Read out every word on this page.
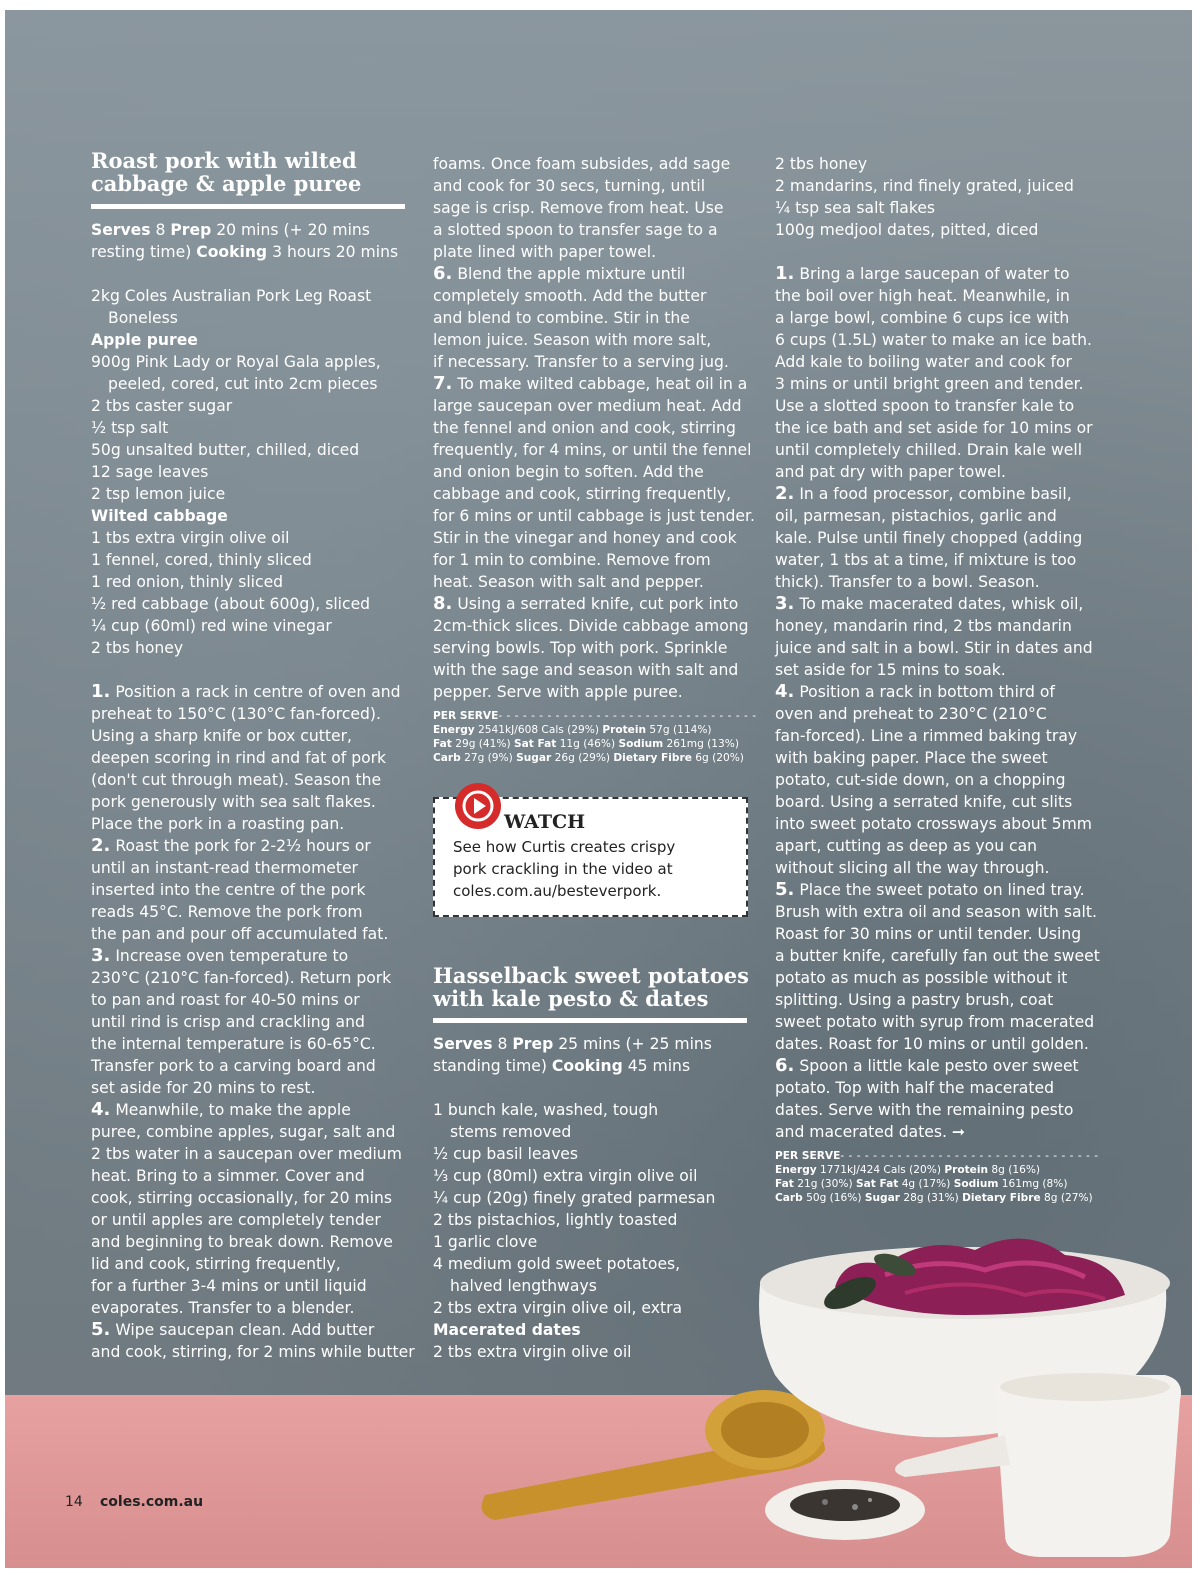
Roast pork with wilted
cabbage & apple puree
Serves 8 Prep 20 mins (+ 20 mins
resting time) Cooking 3 hours 20 mins
2kg Coles Australian Pork Leg Roast
Boneless
Apple puree
900g Pink Lady or Royal Gala apples,
peeled, cored, cut into 2cm pieces
2 tbs caster sugar
½ tsp salt
50g unsalted butter, chilled, diced
12 sage leaves
2 tsp lemon juice
Wilted cabbage
1 tbs extra virgin olive oil
1 fennel, cored, thinly sliced
1 red onion, thinly sliced
½ red cabbage (about 600g), sliced
¼ cup (60ml) red wine vinegar
2 tbs honey
1. Position a rack in centre of oven and
preheat to 150°C (130°C fan-forced).
Using a sharp knife or box cutter,
deepen scoring in rind and fat of pork
(don't cut through meat). Season the
pork generously with sea salt flakes.
Place the pork in a roasting pan.
2. Roast the pork for 2-2½ hours or
until an instant-read thermometer
inserted into the centre of the pork
reads 45°C. Remove the pork from
the pan and pour off accumulated fat.
3. Increase oven temperature to
230°C (210°C fan-forced). Return pork
to pan and roast for 40-50 mins or
until rind is crisp and crackling and
the internal temperature is 60-65°C.
Transfer pork to a carving board and
set aside for 20 mins to rest.
4. Meanwhile, to make the apple
puree, combine apples, sugar, salt and
2 tbs water in a saucepan over medium
heat. Bring to a simmer. Cover and
cook, stirring occasionally, for 20 mins
or until apples are completely tender
and beginning to break down. Remove
lid and cook, stirring frequently,
for a further 3-4 mins or until liquid
evaporates. Transfer to a blender.
5. Wipe saucepan clean. Add butter
and cook, stirring, for 2 mins while butter
foams. Once foam subsides, add sage
and cook for 30 secs, turning, until
sage is crisp. Remove from heat. Use
a slotted spoon to transfer sage to a
plate lined with paper towel.
6. Blend the apple mixture until
completely smooth. Add the butter
and blend to combine. Stir in the
lemon juice. Season with more salt,
if necessary. Transfer to a serving jug.
7. To make wilted cabbage, heat oil in a
large saucepan over medium heat. Add
the fennel and onion and cook, stirring
frequently, for 4 mins, or until the fennel
and onion begin to soften. Add the
cabbage and cook, stirring frequently,
for 6 mins or until cabbage is just tender.
Stir in the vinegar and honey and cook
for 1 min to combine. Remove from
heat. Season with salt and pepper.
8. Using a serrated knife, cut pork into
2cm-thick slices. Divide cabbage among
serving bowls. Top with pork. Sprinkle
with the sage and season with salt and
pepper. Serve with apple puree.
PER SERVE- - - - - - - - - - - - - - - - - - - - - - - - - - - - - - - -
Energy 2541kJ/608 Cals (29%) Protein 57g (114%)
Fat 29g (41%) Sat Fat 11g (46%) Sodium 261mg (13%)
Carb 27g (9%) Sugar 26g (29%) Dietary Fibre 6g (20%)
Hasselback sweet potatoes
with kale pesto & dates
Serves 8 Prep 25 mins (+ 25 mins
standing time) Cooking 45 mins
1 bunch kale, washed, tough
stems removed
½ cup basil leaves
⅓ cup (80ml) extra virgin olive oil
¼ cup (20g) finely grated parmesan
2 tbs pistachios, lightly toasted
1 garlic clove
4 medium gold sweet potatoes,
halved lengthways
2 tbs extra virgin olive oil, extra
Macerated dates
2 tbs extra virgin olive oil
WATCH
See how Curtis creates crispy
pork crackling in the video at
coles.com.au/besteverpork.
2 tbs honey
2 mandarins, rind finely grated, juiced
¼ tsp sea salt flakes
100g medjool dates, pitted, diced
1. Bring a large saucepan of water to
the boil over high heat. Meanwhile, in
a large bowl, combine 6 cups ice with
6 cups (1.5L) water to make an ice bath.
Add kale to boiling water and cook for
3 mins or until bright green and tender.
Use a slotted spoon to transfer kale to
the ice bath and set aside for 10 mins or
until completely chilled. Drain kale well
and pat dry with paper towel.
2. In a food processor, combine basil,
oil, parmesan, pistachios, garlic and
kale. Pulse until finely chopped (adding
water, 1 tbs at a time, if mixture is too
thick). Transfer to a bowl. Season.
3. To make macerated dates, whisk oil,
honey, mandarin rind, 2 tbs mandarin
juice and salt in a bowl. Stir in dates and
set aside for 15 mins to soak.
4. Position a rack in bottom third of
oven and preheat to 230°C (210°C
fan-forced). Line a rimmed baking tray
with baking paper. Place the sweet
potato, cut-side down, on a chopping
board. Using a serrated knife, cut slits
into sweet potato crossways about 5mm
apart, cutting as deep as you can
without slicing all the way through.
5. Place the sweet potato on lined tray.
Brush with extra oil and season with salt.
Roast for 30 mins or until tender. Using
a butter knife, carefully fan out the sweet
potato as much as possible without it
splitting. Using a pastry brush, coat
sweet potato with syrup from macerated
dates. Roast for 10 mins or until golden.
6. Spoon a little kale pesto over sweet
potato. Top with half the macerated
dates. Serve with the remaining pesto
and macerated dates. ➞
PER SERVE- - - - - - - - - - - - - - - - - - - - - - - - - - - - - - - -
Energy 1771kJ/424 Cals (20%) Protein 8g (16%)
Fat 21g (30%) Sat Fat 4g (17%) Sodium 161mg (8%)
Carb 50g (16%) Sugar 28g (31%) Dietary Fibre 8g (27%)
14 coles.com.au
